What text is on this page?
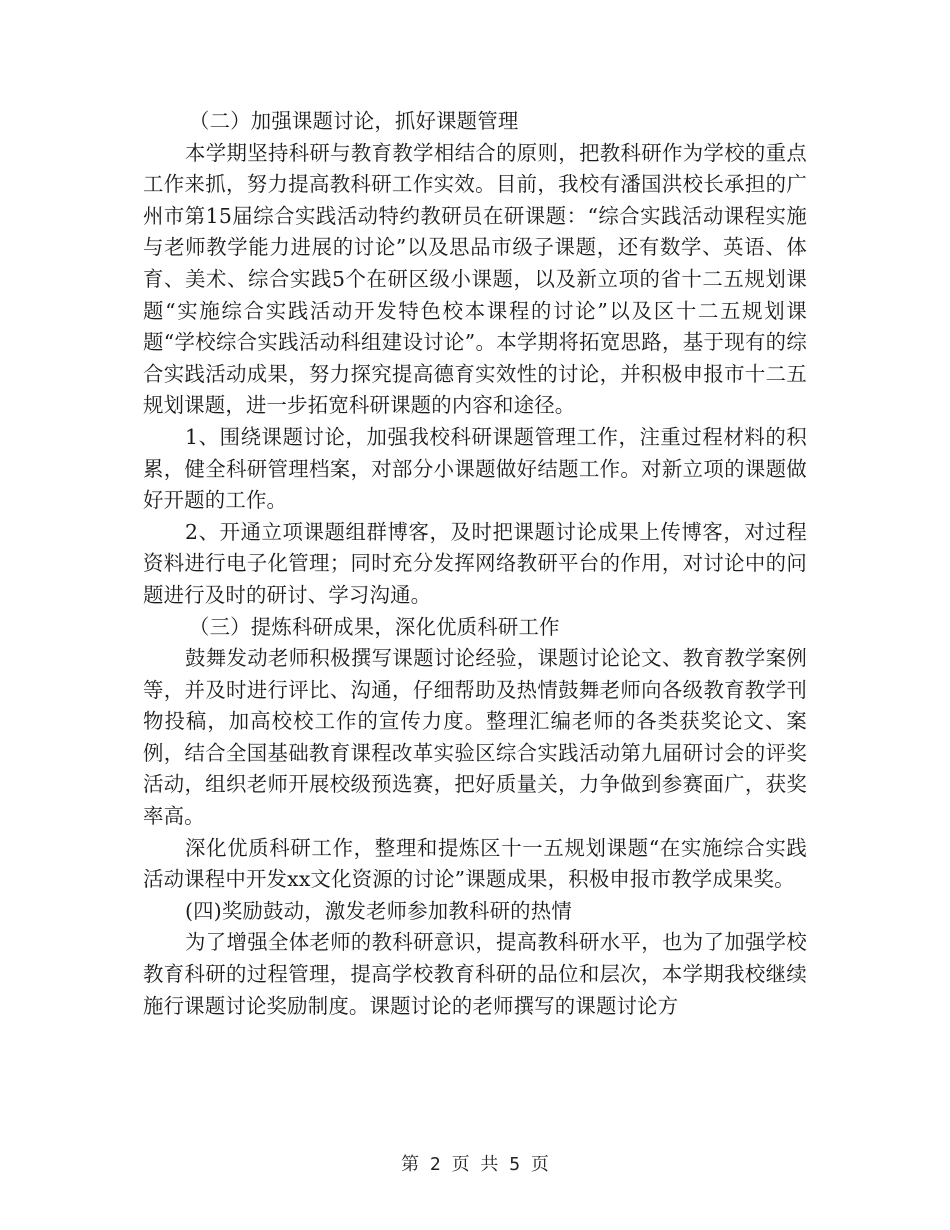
（二）加强课题讨论，抓好课题管理

本学期坚持科研与教育教学相结合的原则，把教科研作为学校的重点工作来抓，努力提高教科研工作实效。目前，我校有潘国洪校长承担的广州市第15届综合实践活动特约教研员在研课题：“综合实践活动课程实施与老师教学能力进展的讨论”以及思品市级子课题，还有数学、英语、体育、美术、综合实践5个在研区级小课题，以及新立项的省十二五规划课题“实施综合实践活动开发特色校本课程的讨论”以及区十二五规划课题“学校综合实践活动科组建设讨论”。本学期将拓宽思路，基于现有的综合实践活动成果，努力探究提高德育实效性的讨论，并积极申报市十二五规划课题，进一步拓宽科研课题的内容和途径。

1、围绕课题讨论，加强我校科研课题管理工作，注重过程材料的积累，健全科研管理档案，对部分小课题做好结题工作。对新立项的课题做好开题的工作。

2、开通立项课题组群博客，及时把课题讨论成果上传博客，对过程资料进行电子化管理；同时充分发挥网络教研平台的作用，对讨论中的问题进行及时的研讨、学习沟通。

（三）提炼科研成果，深化优质科研工作

鼓舞发动老师积极撰写课题讨论经验，课题讨论论文、教育教学案例等，并及时进行评比、沟通，仔细帮助及热情鼓舞老师向各级教育教学刊物投稿，加高校校工作的宣传力度。整理汇编老师的各类获奖论文、案例，结合全国基础教育课程改革实验区综合实践活动第九届研讨会的评奖活动，组织老师开展校级预选赛，把好质量关，力争做到参赛面广，获奖率高。

深化优质科研工作，整理和提炼区十一五规划课题“在实施综合实践活动课程中开发xx文化资源的讨论”课题成果，积极申报市教学成果奖。

(四)奖励鼓动，激发老师参加教科研的热情

为了增强全体老师的教科研意识，提高教科研水平，也为了加强学校教育科研的过程管理，提高学校教育科研的品位和层次，本学期我校继续施行课题讨论奖励制度。课题讨论的老师撰写的课题讨论方

第 2 页 共 5 页
